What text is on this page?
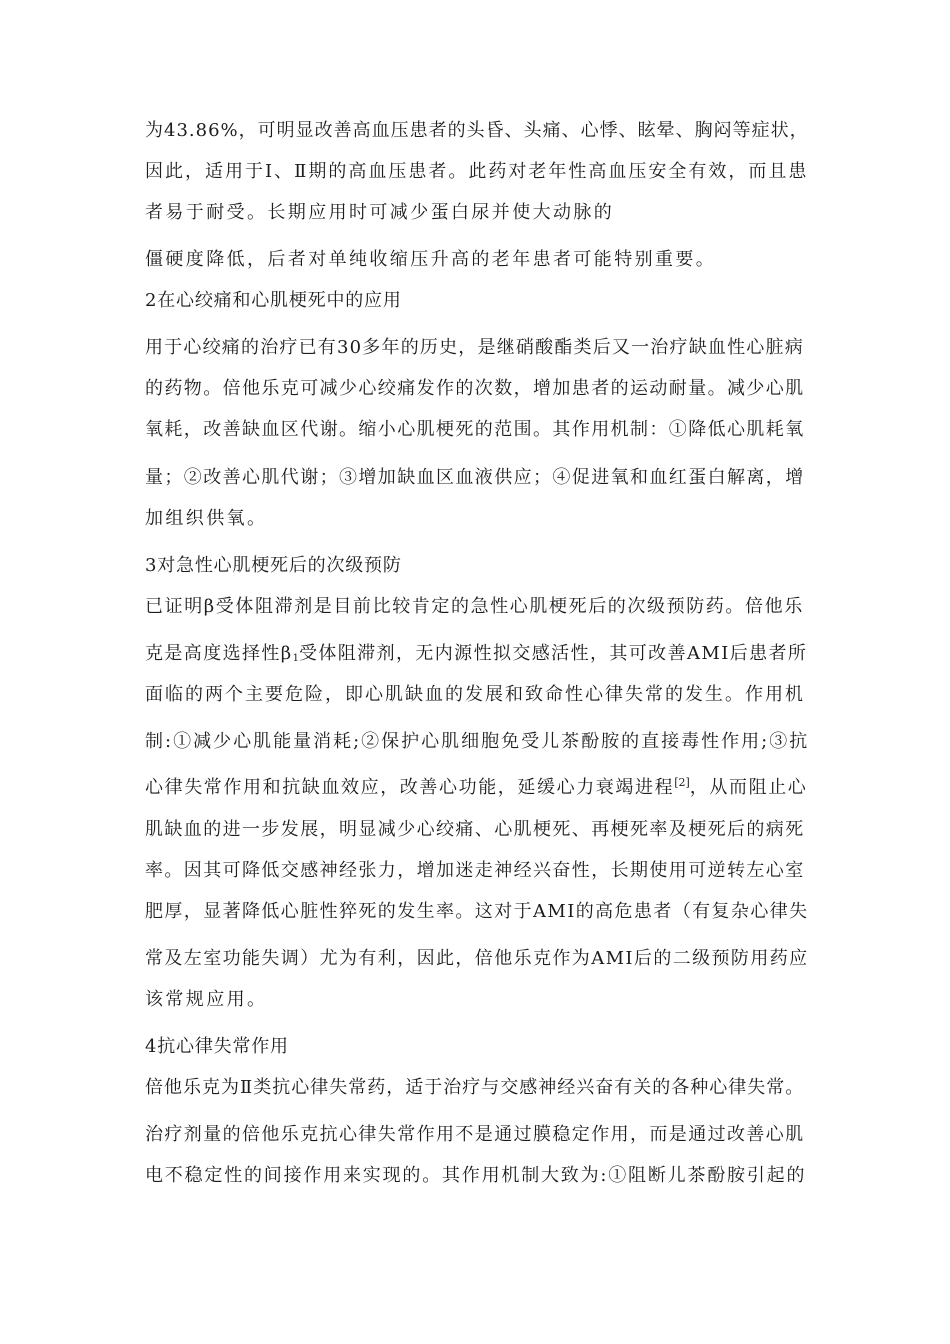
为43.86%，可明显改善高血压患者的头昏、头痛、心悸、眩晕、胸闷等症状，
因此，适用于Ⅰ、Ⅱ期的高血压患者。此药对老年性高血压安全有效，而且患
者易于耐受。长期应用时可减少蛋白尿并使大动脉的
僵硬度降低，后者对单纯收缩压升高的老年患者可能特别重要。
2在心绞痛和心肌梗死中的应用
用于心绞痛的治疗已有30多年的历史，是继硝酸酯类后又一治疗缺血性心脏病
的药物。倍他乐克可减少心绞痛发作的次数，增加患者的运动耐量。减少心肌
氧耗，改善缺血区代谢。缩小心肌梗死的范围。其作用机制：①降低心肌耗氧
量；②改善心肌代谢；③增加缺血区血液供应；④促进氧和血红蛋白解离，增
加组织供氧。
3对急性心肌梗死后的次级预防
已证明β受体阻滞剂是目前比较肯定的急性心肌梗死后的次级预防药。倍他乐
克是高度选择性$\beta_1$受体阻滞剂，无内源性拟交感活性，其可改善AMI后患者所
面临的两个主要危险，即心肌缺血的发展和致命性心律失常的发生。作用机
制:①减少心肌能量消耗;②保护心肌细胞免受儿茶酚胺的直接毒性作用;③抗
心律失常作用和抗缺血效应，改善心功能，延缓心力衰竭进程[2]，从而阻止心
肌缺血的进一步发展，明显减少心绞痛、心肌梗死、再梗死率及梗死后的病死
率。因其可降低交感神经张力，增加迷走神经兴奋性，长期使用可逆转左心室
肥厚，显著降低心脏性猝死的发生率。这对于AMI的高危患者（有复杂心律失
常及左室功能失调）尤为有利，因此，倍他乐克作为AMI后的二级预防用药应
该常规应用。
4抗心律失常作用
倍他乐克为Ⅱ类抗心律失常药，适于治疗与交感神经兴奋有关的各种心律失常。
治疗剂量的倍他乐克抗心律失常作用不是通过膜稳定作用，而是通过改善心肌
电不稳定性的间接作用来实现的。其作用机制大致为:①阻断儿茶酚胺引起的
